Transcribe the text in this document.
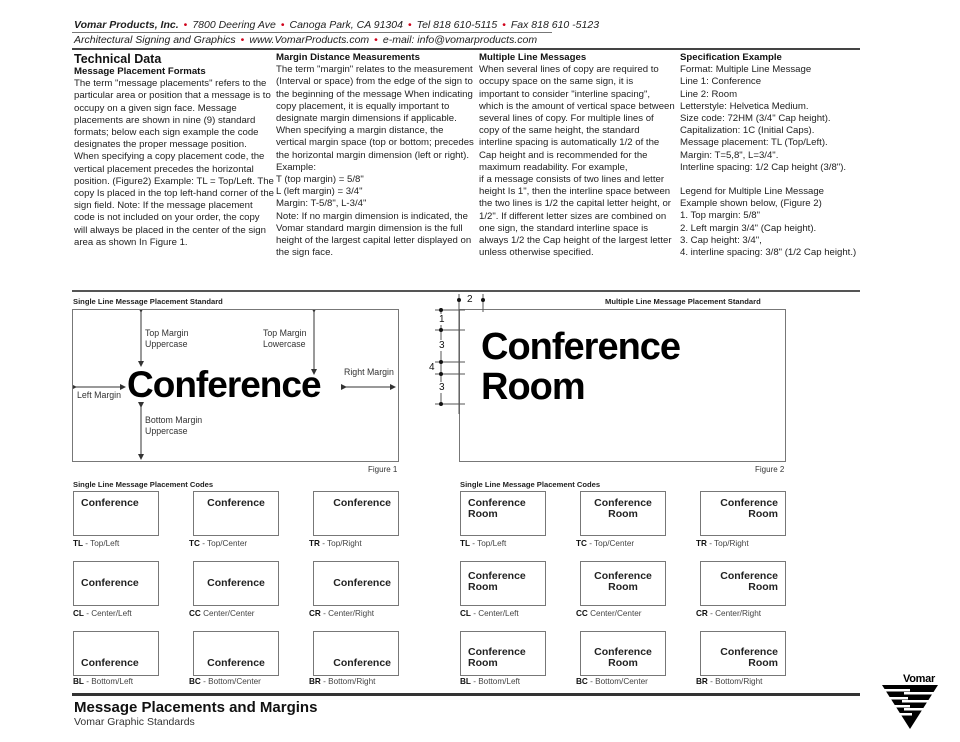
Vomar Products, Inc. • 7800 Deering Ave • Canoga Park, CA 91304 • Tel 818 610-5115 • Fax 818 610 -5123
Architectural Signing and Graphics • www.VomarProducts.com • e-mail: info@vomarproducts.com
Technical Data
Message Placement Formats

The term "message placements" refers to the particular area or position that a message is to occupy on a given sign face. Message placements are shown in nine (9) standard formats; below each sign example the code designates the proper message position. When specifying a copy placement code, the vertical placement precedes the horizontal position. (Figure2) Example: TL = Top/Left. The copy Is placed in the top left-hand corner of the sign field. Note: If the message placement code is not included on your order, the copy will always be placed in the center of the sign area as shown In Figure 1.

Margin Distance Measurements

The term "margin" relates to the measurement (Interval or space) from the edge of the sign to the beginning of the message When indicating copy placement, it is equally important to designate margin dimensions if applicable. When specifying a margin distance, the vertical margin space (top or bottom; precedes the horizontal margin dimension (left or right).

Example:

T (top margin) = 5/8"

L (left margin) = 3/4"

Margin: T-5/8", L-3/4"

Note: If no margin dimension is indicated, the Vomar standard margin dimension is the full height of the largest capital letter displayed on the sign face.

Multiple Line Messages

When several lines of copy are required to occupy space on the same sign, it is important to consider "interline spacing", which is the amount of vertical space between several lines of copy. For multiple lines of copy of the same height, the standard interline spacing is automatically 1/2 of the Cap height and is recommended for the maximum readability. For example,

if a message consists of two lines and letter height Is 1", then the interline space between the two lines is 1/2 the capital letter height, or 1/2". If different letter sizes are combined on one sign, the standard interline space is always 1/2 the Cap height of the largest letter unless otherwise specified.

Specification Example

Format: Multiple Line Message

Line 1: Conference

Line 2: Room

Letterstyle: Helvetica Medium.

Size code: 72HM (3/4" Cap height).

Capitalization: 1C (Initial Caps).

Message placement: TL (Top/Left).

Margin: T=5,8", L=3/4".

Interline spacing: 1/2 Cap height (3/8").

Legend for Multiple Line Message

Example shown below, (Figure 2)

1. Top margin: 5/8"

2. Left margin 3/4" (Cap height).

3. Cap height: 3/4",

4. interline spacing: 3/8" (1/2 Cap height.)

Single Line Message Placement Standard
Top Margin
Uppercase
Top Margin
Lowercase
Right Margin
Left Margin
Bottom Margin
Uppercase
Conference
Figure 1
Multiple Line Message Placement Standard
Conference
Room
2
1
3
4
3
Figure 2
Single Line Message Placement Codes
Conference
TL - Top/Left
Conference
TC - Top/Center
Conference
TR - Top/Right
Conference
CL - Center/Left
Conference
CC Center/Center
Conference
CR - Center/Right
Conference
BL - Bottom/Left
Conference
BC - Bottom/Center
Conference
BR - Bottom/Right
Single Line Message Placement Codes
Conference
Room
TL - Top/Left
Conference
Room
TC - Top/Center
Conference
Room
TR - Top/Right
Conference
Room
CL - Center/Left
Conference
Room
CC Center/Center
Conference
Room
CR - Center/Right
Conference
Room
BL - Bottom/Left
Conference
Room
BC - Bottom/Center
Conference
Room
BR - Bottom/Right
Message Placements and Margins
Vomar Graphic Standards
Vomar
